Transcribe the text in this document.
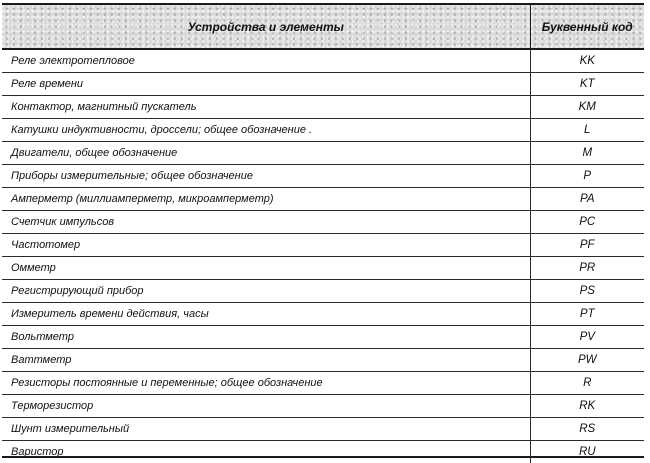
Устройства и элементы	Буквенный код
Реле электротепловое	KK
Реле времени	KT
Контактор, магнитный пускатель	KM
Катушки индуктивности, дроссели; общее обозначение .	L
Двигатели, общее обозначение	M
Приборы измерительные; общее обозначение	P
Амперметр (миллиамперметр, микроамперметр)	PA
Счетчик импульсов	PC
Частотомер	PF
Омметр	PR
Регистрирующий прибор	PS
Измеритель времени действия, часы	PT
Вольтметр	PV
Ваттметр	PW
Резисторы постоянные и переменные; общее обозначение	R
Терморезистор	RK
Шунт измерительный	RS
Варистор	RU
